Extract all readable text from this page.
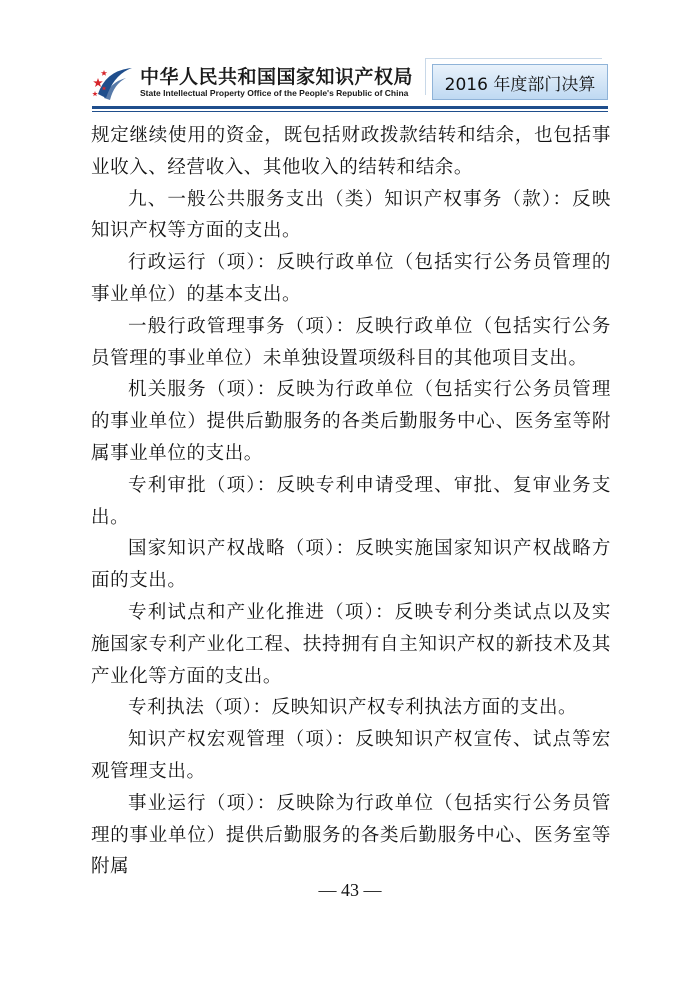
中华人民共和国国家知识产权局
State Intellectual Property Office of the People's Republic of China 2016 年度部门决算

规定继续使用的资金，既包括财政拨款结转和结余，也包括事业收入、经营收入、其他收入的结转和结余。

九、一般公共服务支出（类）知识产权事务（款）：反映知识产权等方面的支出。

行政运行（项）：反映行政单位（包括实行公务员管理的事业单位）的基本支出。

一般行政管理事务（项）：反映行政单位（包括实行公务员管理的事业单位）未单独设置项级科目的其他项目支出。

机关服务（项）：反映为行政单位（包括实行公务员管理的事业单位）提供后勤服务的各类后勤服务中心、医务室等附属事业单位的支出。

专利审批（项）：反映专利申请受理、审批、复审业务支出。

国家知识产权战略（项）：反映实施国家知识产权战略方面的支出。

专利试点和产业化推进（项）：反映专利分类试点以及实施国家专利产业化工程、扶持拥有自主知识产权的新技术及其产业化等方面的支出。

专利执法（项）：反映知识产权专利执法方面的支出。

知识产权宏观管理（项）：反映知识产权宣传、试点等宏观管理支出。

事业运行（项）：反映除为行政单位（包括实行公务员管理的事业单位）提供后勤服务的各类后勤服务中心、医务室等附属

— 43 —
